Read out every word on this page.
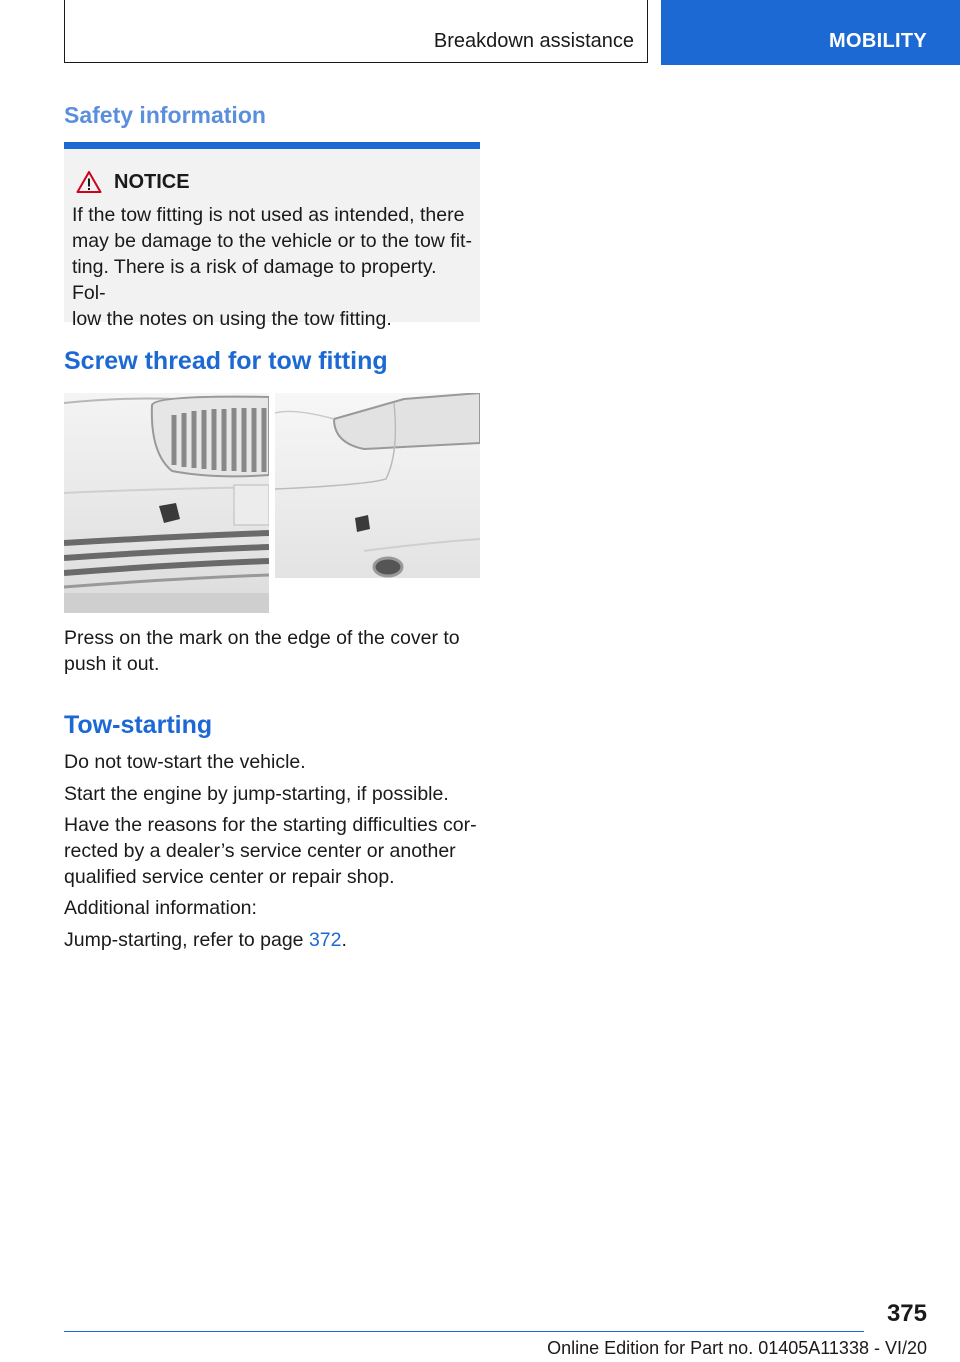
Breakdown assistance	MOBILITY
Safety information
NOTICE
If the tow fitting is not used as intended, there
may be damage to the vehicle or to the tow fit-
ting. There is a risk of damage to property. Fol-
low the notes on using the tow fitting.
Screw thread for tow fitting

Press on the mark on the edge of the cover to
push it out.

Tow-starting

Do not tow-start the vehicle.

Start the engine by jump-starting, if possible.

Have the reasons for the starting difficulties cor-
rected by a dealer’s service center or another
qualified service center or repair shop.

Additional information:

Jump-starting, refer to page 372.

375
Online Edition for Part no. 01405A11338 - VI/20
